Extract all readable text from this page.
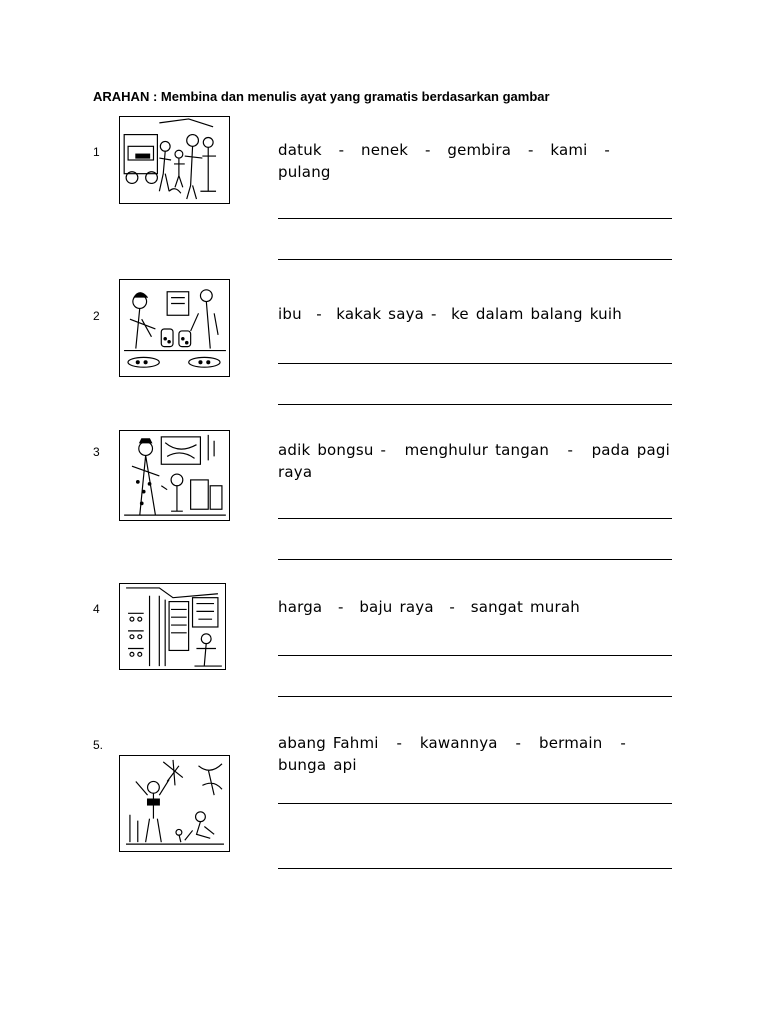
ARAHAN : Membina dan menulis ayat yang gramatis berdasarkan gambar
1	datuk - nenek - gembira - kami -
pulang
2	ibu - kakak saya - ke dalam balang kuih
3	adik bongsu - menghulur tangan - pada pagi
raya
4	harga - baju raya - sangat murah
5.	abang Fahmi - kawannya - bermain -
bunga api
